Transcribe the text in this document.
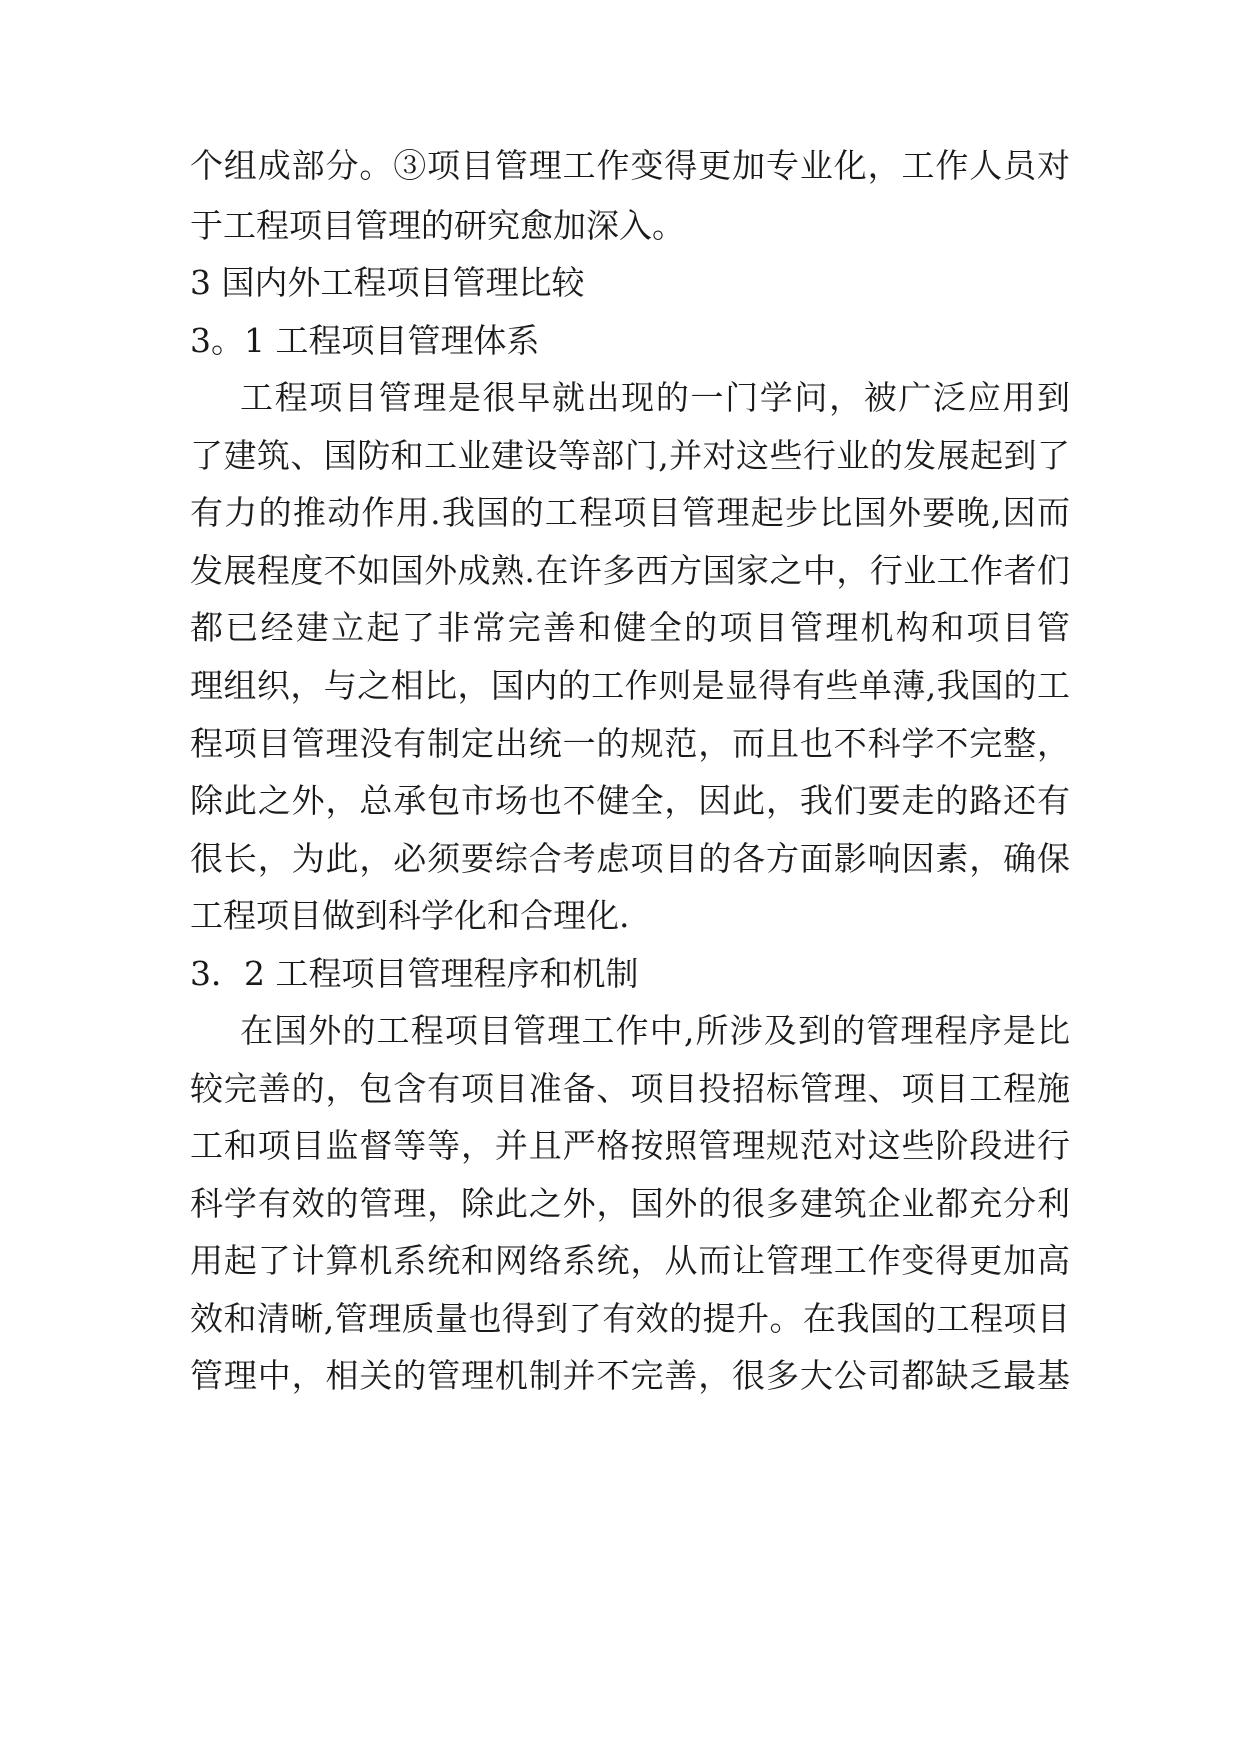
个组成部分。③项目管理工作变得更加专业化，工作人员对
于工程项目管理的研究愈加深入。
3 国内外工程项目管理比较
3。1 工程项目管理体系
工程项目管理是很早就出现的一门学问，被广泛应用到
了建筑、国防和工业建设等部门,并对这些行业的发展起到了
有力的推动作用.我国的工程项目管理起步比国外要晚,因而
发展程度不如国外成熟.在许多西方国家之中，行业工作者们
都已经建立起了非常完善和健全的项目管理机构和项目管
理组织，与之相比，国内的工作则是显得有些单薄,我国的工
程项目管理没有制定出统一的规范，而且也不科学不完整，
除此之外，总承包市场也不健全，因此，我们要走的路还有
很长，为此，必须要综合考虑项目的各方面影响因素，确保
工程项目做到科学化和合理化.
3．2 工程项目管理程序和机制
在国外的工程项目管理工作中,所涉及到的管理程序是比
较完善的，包含有项目准备、项目投招标管理、项目工程施
工和项目监督等等，并且严格按照管理规范对这些阶段进行
科学有效的管理，除此之外，国外的很多建筑企业都充分利
用起了计算机系统和网络系统，从而让管理工作变得更加高
效和清晰,管理质量也得到了有效的提升。在我国的工程项目
管理中，相关的管理机制并不完善，很多大公司都缺乏最基
